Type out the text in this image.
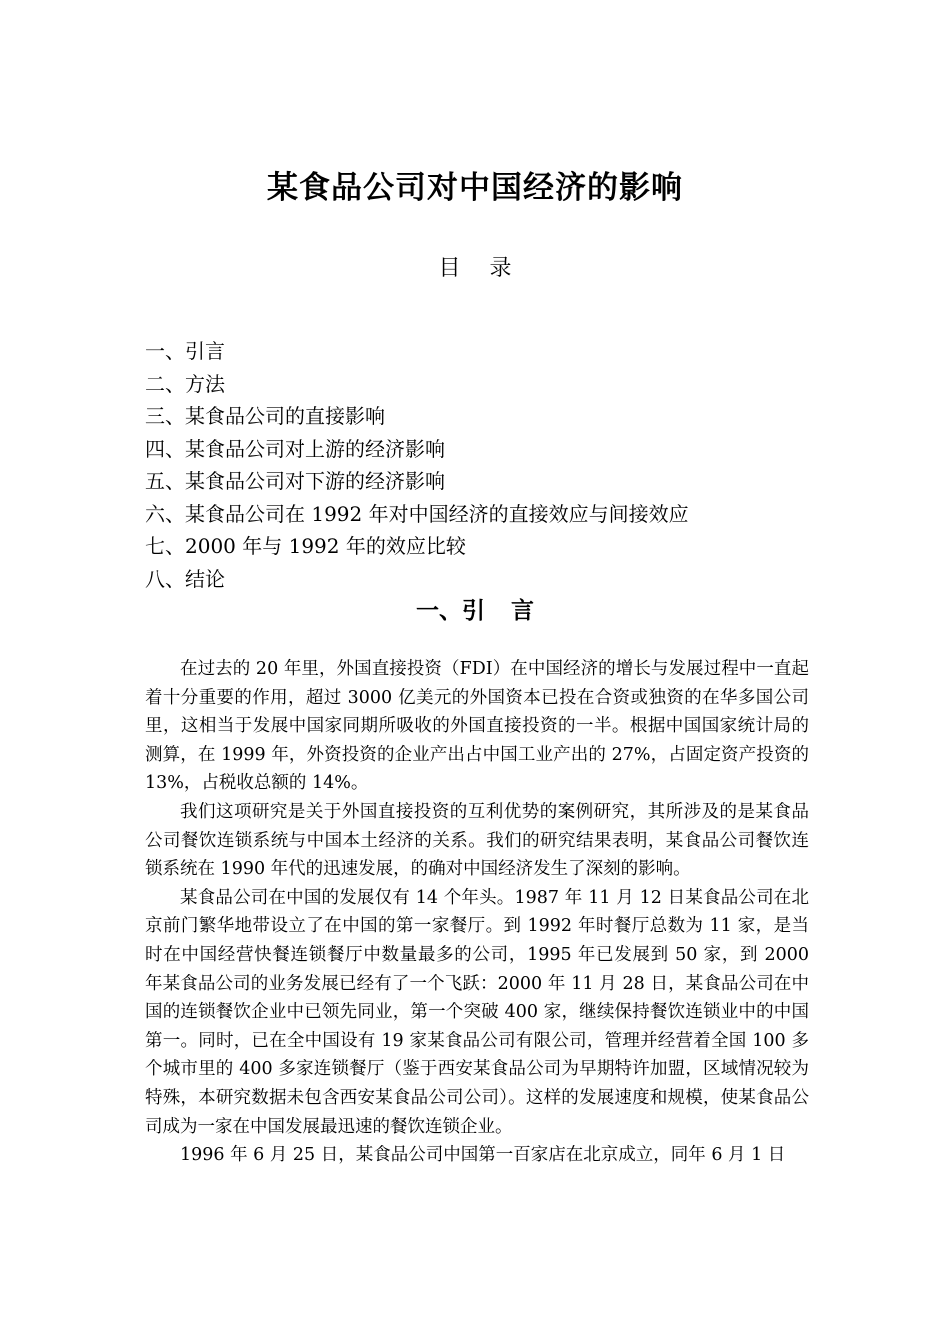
某食品公司对中国经济的影响
目 录
一、引言
二、方法
三、某食品公司的直接影响
四、某食品公司对上游的经济影响
五、某食品公司对下游的经济影响
六、某食品公司在 1992 年对中国经济的直接效应与间接效应
七、2000 年与 1992 年的效应比较
八、结论
一、引 言

在过去的 20 年里，外国直接投资（FDI）在中国经济的增长与发展过程中一直起着十分重要的作用，超过 3000 亿美元的外国资本已投在合资或独资的在华多国公司里，这相当于发展中国家同期所吸收的外国直接投资的一半。根据中国国家统计局的测算，在 1999 年，外资投资的企业产出占中国工业产出的 27%，占固定资产投资的 13%，占税收总额的 14%。

我们这项研究是关于外国直接投资的互利优势的案例研究，其所涉及的是某食品公司餐饮连锁系统与中国本土经济的关系。我们的研究结果表明，某食品公司餐饮连锁系统在 1990 年代的迅速发展，的确对中国经济发生了深刻的影响。

某食品公司在中国的发展仅有 14 个年头。1987 年 11 月 12 日某食品公司在北京前门繁华地带设立了在中国的第一家餐厅。到 1992 年时餐厅总数为 11 家，是当时在中国经营快餐连锁餐厅中数量最多的公司，1995 年已发展到 50 家，到 2000 年某食品公司的业务发展已经有了一个飞跃：2000 年 11 月 28 日，某食品公司在中国的连锁餐饮企业中已领先同业，第一个突破 400 家，继续保持餐饮连锁业中的中国第一。同时，已在全中国设有 19 家某食品公司有限公司，管理并经营着全国 100 多个城市里的 400 多家连锁餐厅（鉴于西安某食品公司为早期特许加盟，区域情况较为特殊，本研究数据未包含西安某食品公司公司）。这样的发展速度和规模，使某食品公司成为一家在中国发展最迅速的餐饮连锁企业。

1996 年 6 月 25 日，某食品公司中国第一百家店在北京成立，同年 6 月 1 日
